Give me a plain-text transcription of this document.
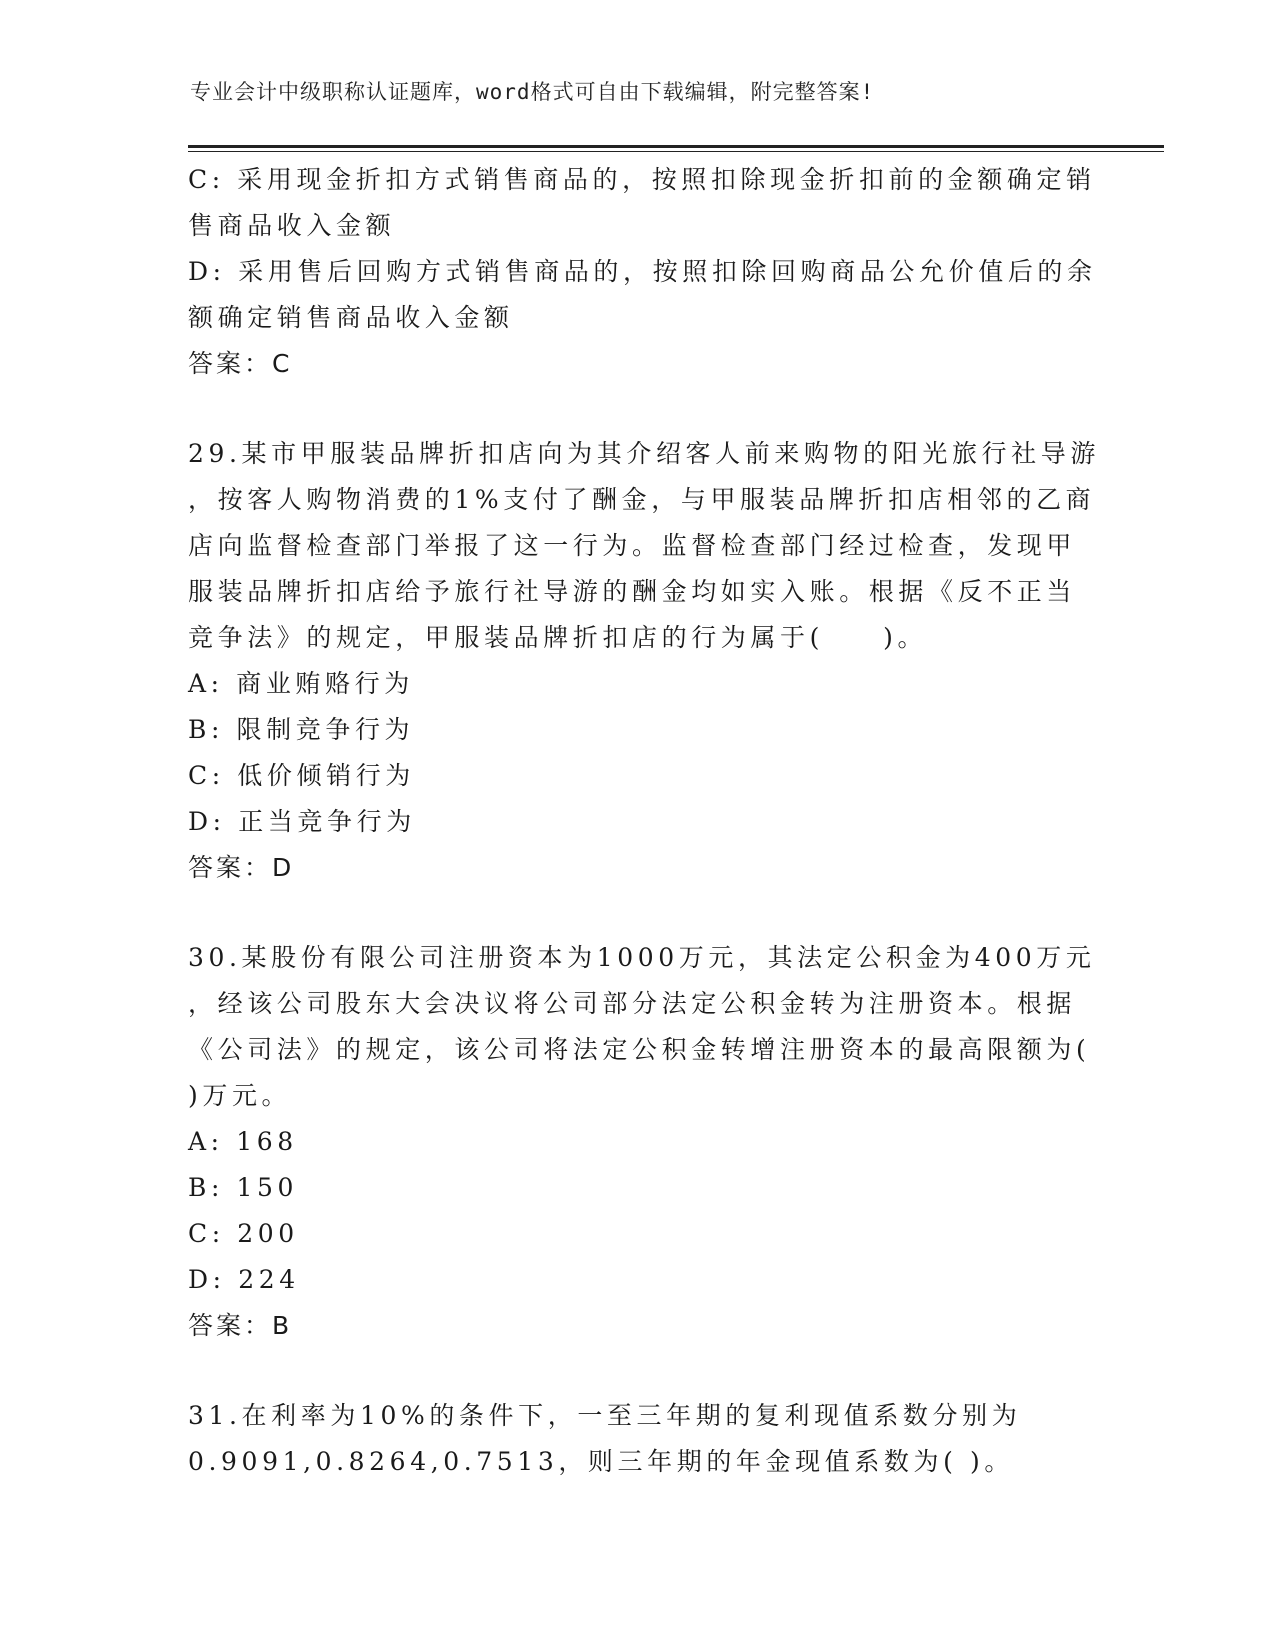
专业会计中级职称认证题库，word格式可自由下载编辑，附完整答案!
C: 采用现金折扣方式销售商品的，按照扣除现金折扣前的金额确定销
售商品收入金额
D: 采用售后回购方式销售商品的，按照扣除回购商品公允价值后的余
额确定销售商品收入金额
答案：C
29.某市甲服装品牌折扣店向为其介绍客人前来购物的阳光旅行社导游
，按客人购物消费的1%支付了酬金，与甲服装品牌折扣店相邻的乙商
店向监督检查部门举报了这一行为。监督检查部门经过检查，发现甲
服装品牌折扣店给予旅行社导游的酬金均如实入账。根据《反不正当
竞争法》的规定，甲服装品牌折扣店的行为属于(　　)。
A: 商业贿赂行为
B: 限制竞争行为
C: 低价倾销行为
D: 正当竞争行为
答案：D
30.某股份有限公司注册资本为1000万元，其法定公积金为400万元
，经该公司股东大会决议将公司部分法定公积金转为注册资本。根据
《公司法》的规定，该公司将法定公积金转增注册资本的最高限额为(
)万元。
A: 168
B: 150
C: 200
D: 224
答案：B
31.在利率为10%的条件下，一至三年期的复利现值系数分别为
0.9091,0.8264,0.7513，则三年期的年金现值系数为( )。
